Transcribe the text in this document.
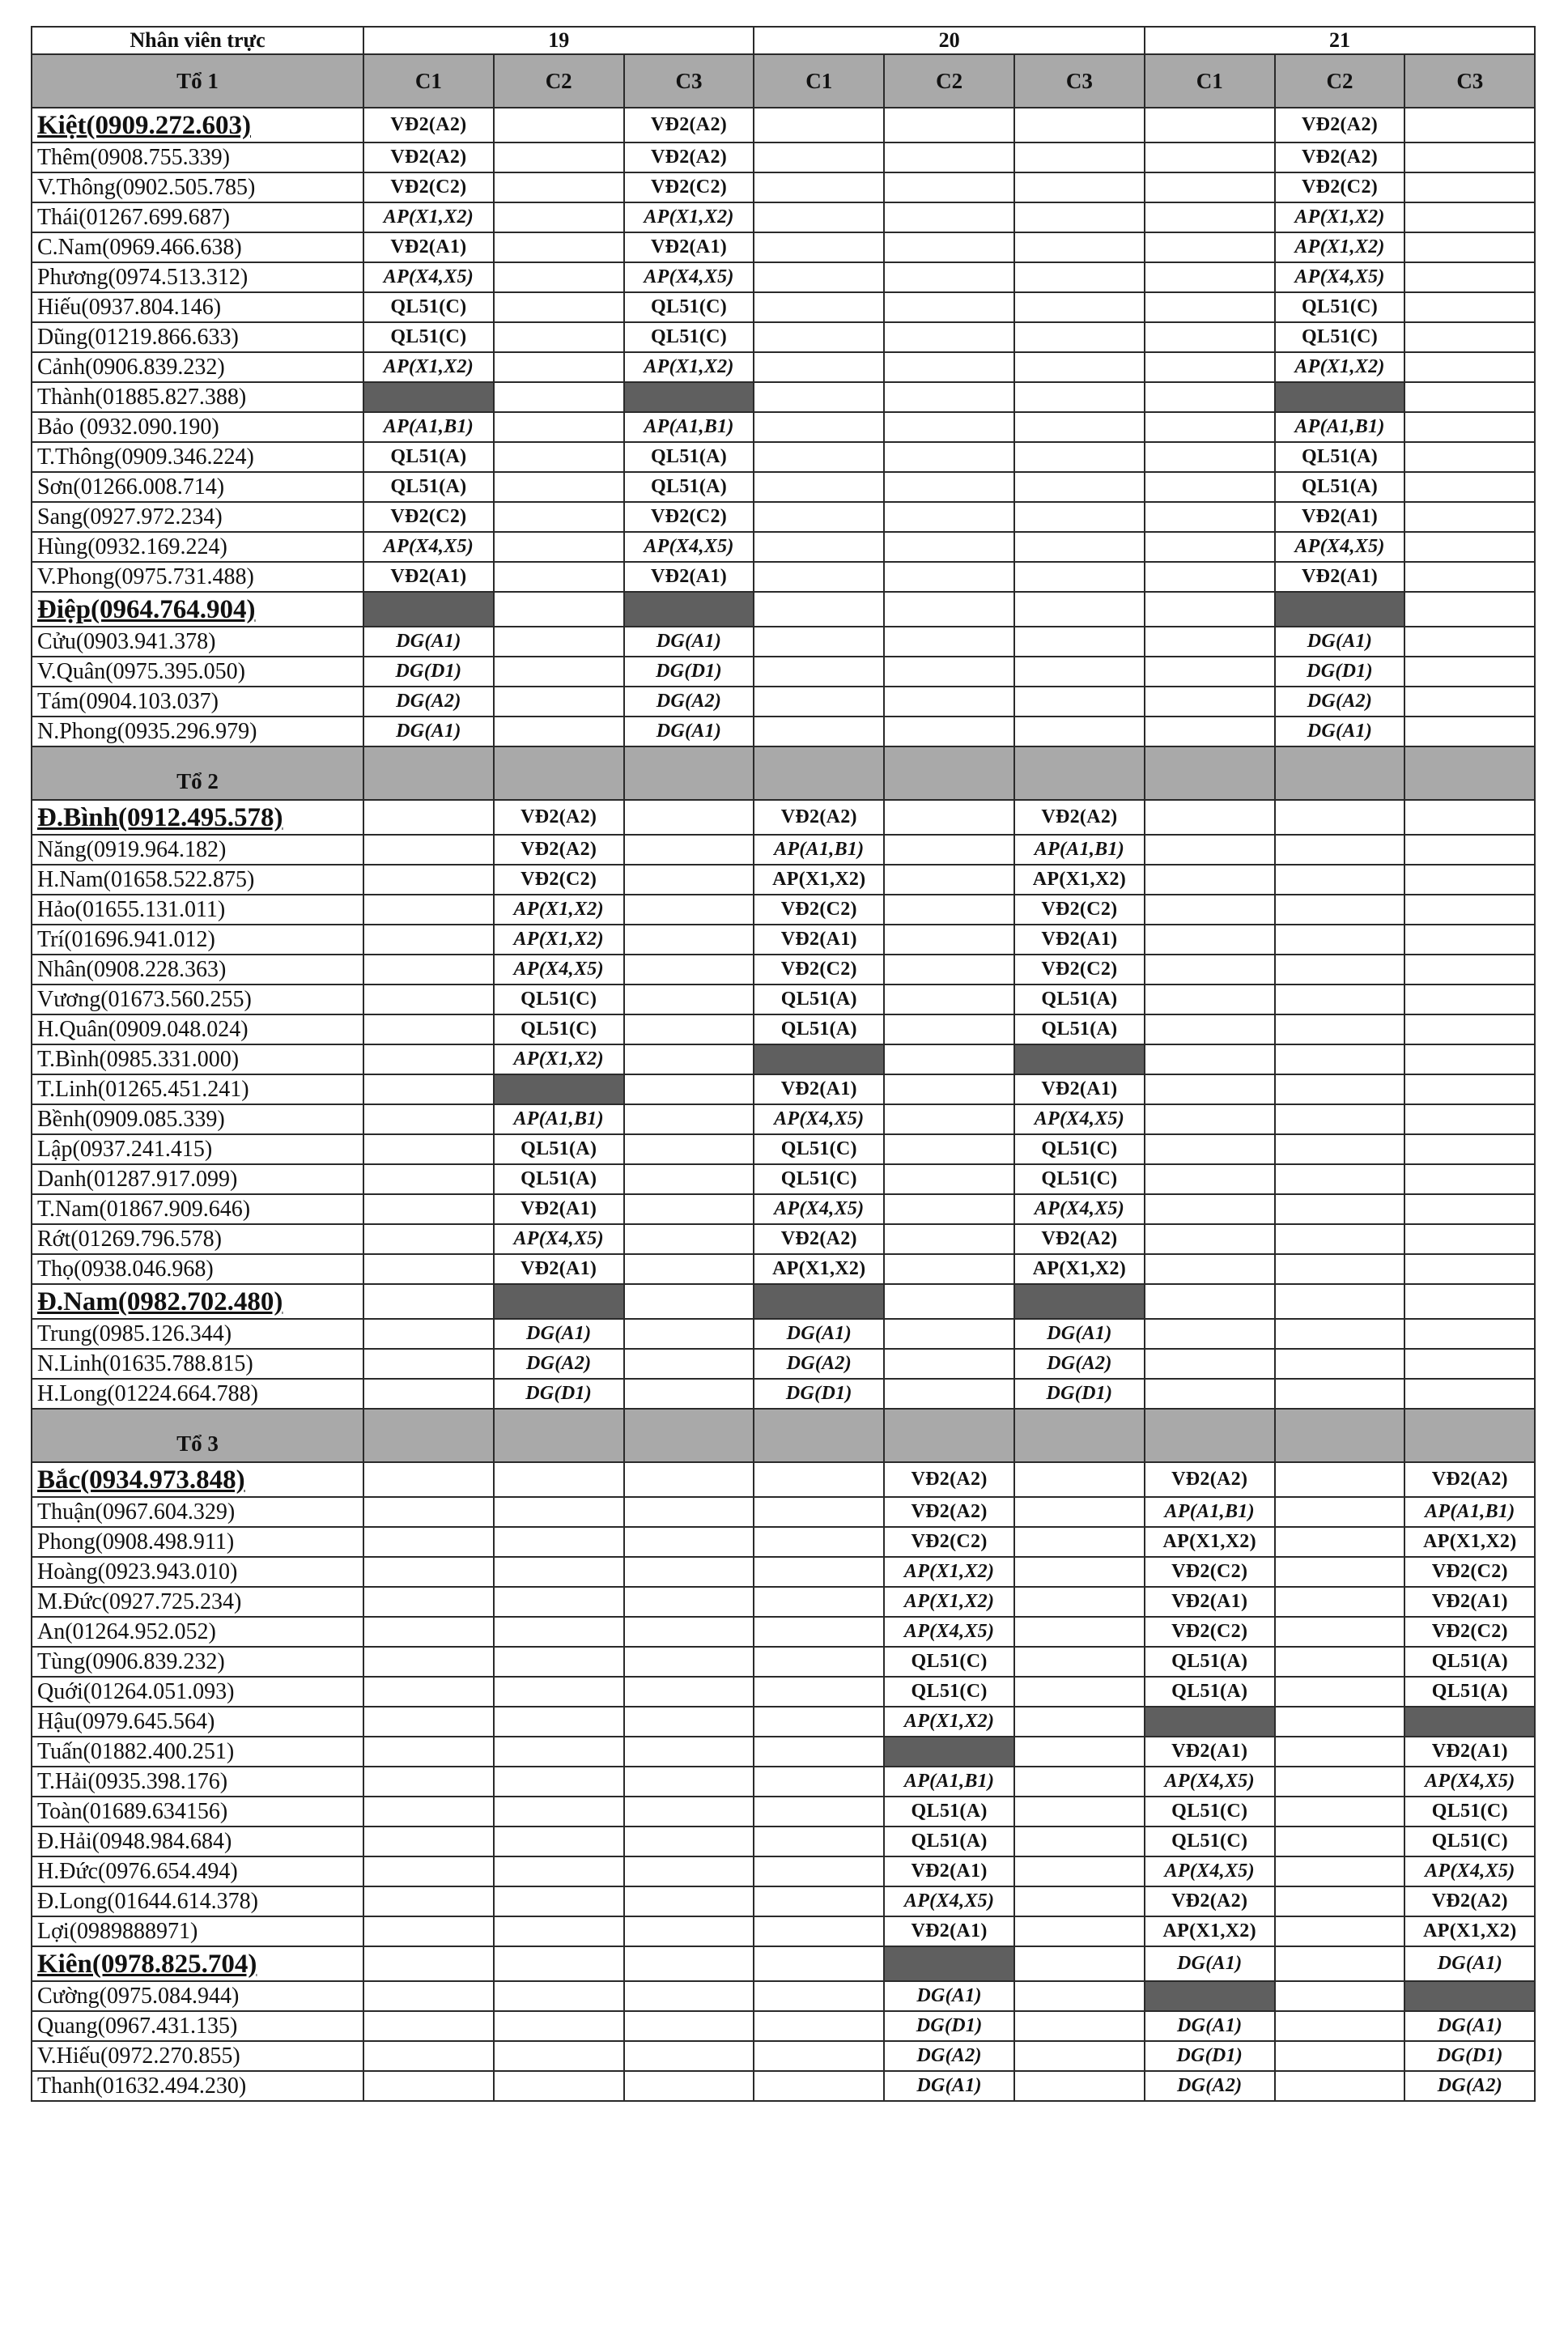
Nhân viên trực	19			20			21		
Tổ 1	C1	C2	C3	C1	C2	C3	C1	C2	C3
Kiệt(0909.272.603)	VĐ2(A2)		VĐ2(A2)					VĐ2(A2)	
Thêm(0908.755.339)	VĐ2(A2)		VĐ2(A2)					VĐ2(A2)	
V.Thông(0902.505.785)	VĐ2(C2)		VĐ2(C2)					VĐ2(C2)	
Thái(01267.699.687)	AP(X1,X2)		AP(X1,X2)					AP(X1,X2)	
C.Nam(0969.466.638)	VĐ2(A1)		VĐ2(A1)					AP(X1,X2)	
Phương(0974.513.312)	AP(X4,X5)		AP(X4,X5)					AP(X4,X5)	
Hiếu(0937.804.146)	QL51(C)		QL51(C)					QL51(C)	
Dũng(01219.866.633)	QL51(C)		QL51(C)					QL51(C)	
Cảnh(0906.839.232)	AP(X1,X2)		AP(X1,X2)					AP(X1,X2)	
Thành(01885.827.388)									
Bảo (0932.090.190)	AP(A1,B1)		AP(A1,B1)					AP(A1,B1)	
T.Thông(0909.346.224)	QL51(A)		QL51(A)					QL51(A)	
Sơn(01266.008.714)	QL51(A)		QL51(A)					QL51(A)	
Sang(0927.972.234)	VĐ2(C2)		VĐ2(C2)					VĐ2(A1)	
Hùng(0932.169.224)	AP(X4,X5)		AP(X4,X5)					AP(X4,X5)	
V.Phong(0975.731.488)	VĐ2(A1)		VĐ2(A1)					VĐ2(A1)	
Điệp(0964.764.904)									
Cửu(0903.941.378)	DG(A1)		DG(A1)					DG(A1)	
V.Quân(0975.395.050)	DG(D1)		DG(D1)					DG(D1)	
Tám(0904.103.037)	DG(A2)		DG(A2)					DG(A2)	
N.Phong(0935.296.979)	DG(A1)		DG(A1)					DG(A1)	
Tổ 2									
Đ.Bình(0912.495.578)		VĐ2(A2)		VĐ2(A2)		VĐ2(A2)			
Năng(0919.964.182)		VĐ2(A2)		AP(A1,B1)		AP(A1,B1)			
H.Nam(01658.522.875)		VĐ2(C2)		AP(X1,X2)		AP(X1,X2)			
Hảo(01655.131.011)		AP(X1,X2)		VĐ2(C2)		VĐ2(C2)			
Trí(01696.941.012)		AP(X1,X2)		VĐ2(A1)		VĐ2(A1)			
Nhân(0908.228.363)		AP(X4,X5)		VĐ2(C2)		VĐ2(C2)			
Vương(01673.560.255)		QL51(C)		QL51(A)		QL51(A)			
H.Quân(0909.048.024)		QL51(C)		QL51(A)		QL51(A)			
T.Bình(0985.331.000)		AP(X1,X2)							
T.Linh(01265.451.241)				VĐ2(A1)		VĐ2(A1)			
Bềnh(0909.085.339)		AP(A1,B1)		AP(X4,X5)		AP(X4,X5)			
Lập(0937.241.415)		QL51(A)		QL51(C)		QL51(C)			
Danh(01287.917.099)		QL51(A)		QL51(C)		QL51(C)			
T.Nam(01867.909.646)		VĐ2(A1)		AP(X4,X5)		AP(X4,X5)			
Rớt(01269.796.578)		AP(X4,X5)		VĐ2(A2)		VĐ2(A2)			
Thọ(0938.046.968)		VĐ2(A1)		AP(X1,X2)		AP(X1,X2)			
Đ.Nam(0982.702.480)									
Trung(0985.126.344)		DG(A1)		DG(A1)		DG(A1)			
N.Linh(01635.788.815)		DG(A2)		DG(A2)		DG(A2)			
H.Long(01224.664.788)		DG(D1)		DG(D1)		DG(D1)			
Tổ 3									
Bắc(0934.973.848)					VĐ2(A2)		VĐ2(A2)		VĐ2(A2)
Thuận(0967.604.329)					VĐ2(A2)		AP(A1,B1)		AP(A1,B1)
Phong(0908.498.911)					VĐ2(C2)		AP(X1,X2)		AP(X1,X2)
Hoàng(0923.943.010)					AP(X1,X2)		VĐ2(C2)		VĐ2(C2)
M.Đức(0927.725.234)					AP(X1,X2)		VĐ2(A1)		VĐ2(A1)
An(01264.952.052)					AP(X4,X5)		VĐ2(C2)		VĐ2(C2)
Tùng(0906.839.232)					QL51(C)		QL51(A)		QL51(A)
Quới(01264.051.093)					QL51(C)		QL51(A)		QL51(A)
Hậu(0979.645.564)					AP(X1,X2)				
Tuấn(01882.400.251)							VĐ2(A1)		VĐ2(A1)
T.Hải(0935.398.176)					AP(A1,B1)		AP(X4,X5)		AP(X4,X5)
Toàn(01689.634156)					QL51(A)		QL51(C)		QL51(C)
Đ.Hải(0948.984.684)					QL51(A)		QL51(C)		QL51(C)
H.Đức(0976.654.494)					VĐ2(A1)		AP(X4,X5)		AP(X4,X5)
Đ.Long(01644.614.378)					AP(X4,X5)		VĐ2(A2)		VĐ2(A2)
Lợi(0989888971)					VĐ2(A1)		AP(X1,X2)		AP(X1,X2)
Kiên(0978.825.704)							DG(A1)		DG(A1)
Cường(0975.084.944)					DG(A1)				
Quang(0967.431.135)					DG(D1)		DG(A1)		DG(A1)
V.Hiếu(0972.270.855)					DG(A2)		DG(D1)		DG(D1)
Thanh(01632.494.230)					DG(A1)		DG(A2)		DG(A2)
